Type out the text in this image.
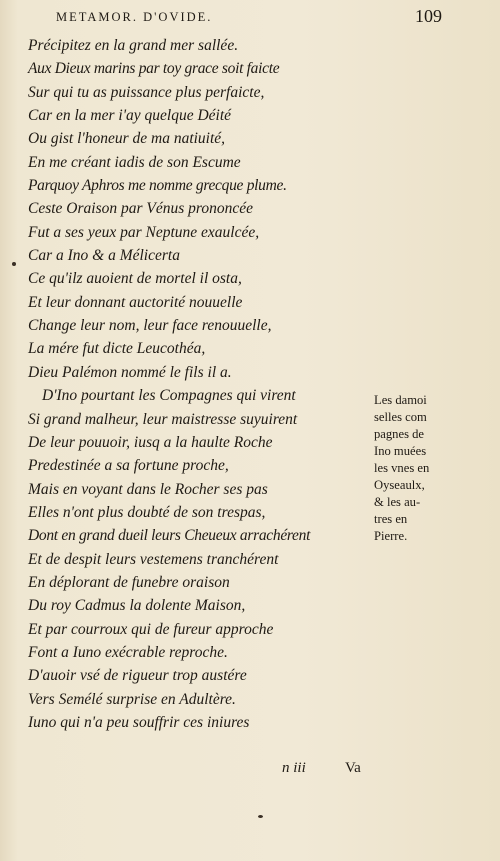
METAMOR. D'OVIDE.	109
Précipitez en la grand mer sallée.
Aux Dieux marins par toy grace soit faicte
Sur qui tu as puissance plus perfaicte,
Car en la mer i'ay quelque Déité
Ou gist l'honeur de ma natiuité,
En me créant iadis de son Escume
Parquoy Aphros me nomme grecque plume.
Ceste Oraison par Vénus prononcée
Fut a ses yeux par Neptune exaulcée,
Car a Ino & a Mélicerta
Ce qu'ilz auoient de mortel il osta,
Et leur donnant auctorité nouuelle
Change leur nom, leur face renouuelle,
La mére fut dicte Leucothéa,
Dieu Palémon nommé le fils il a.
D'Ino pourtant les Compagnes qui virent
Si grand malheur, leur maistresse suyuirent
De leur pouuoir, iusq a la haulte Roche
Predestinée a sa fortune proche,
Mais en voyant dans le Rocher ses pas
Elles n'ont plus doubté de son trespas,
Dont en grand dueil leurs Cheueux arrachérent
Et de despit leurs vestemens tranchérent
En déplorant de funebre oraison
Du roy Cadmus la dolente Maison,
Et par courroux qui de fureur approche
Font a Iuno exécrable reproche.
D'auoir vsé de rigueur trop austére
Vers Semélé surprise en Adultère.
Iuno qui n'a peu souffrir ces iniures
Les damoi
selles com
pagnes de
Ino muées
les vnes en
Oyseaulx,
& les au-
tres en
Pierre.
n iii	Va
